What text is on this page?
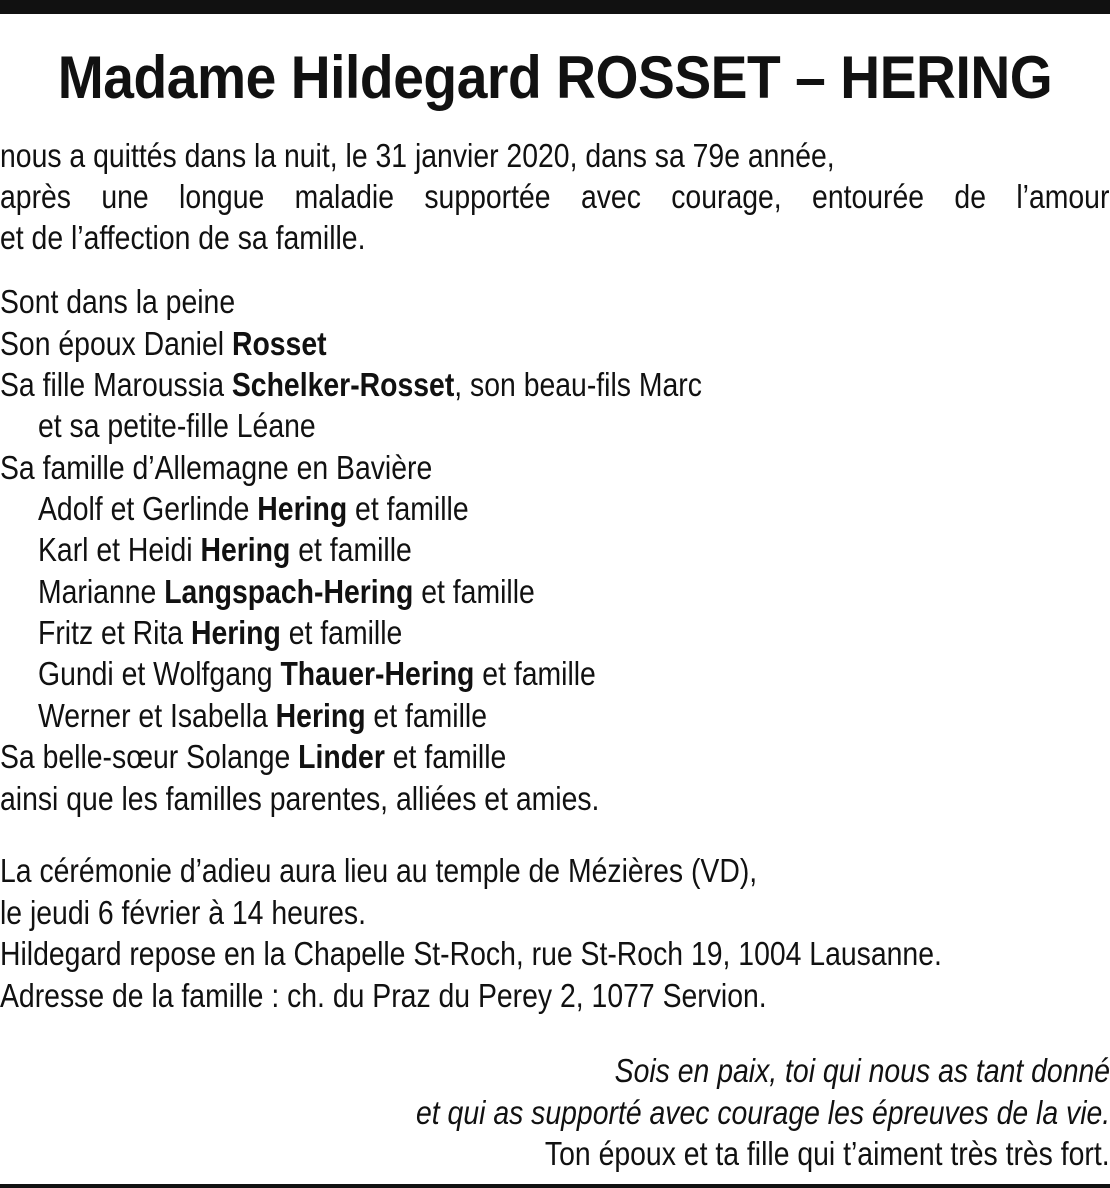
Madame Hildegard ROSSET – HERING
nous a quittés dans la nuit, le 31 janvier 2020, dans sa 79e année,
après une longue maladie supportée avec courage, entourée de l’amour
et de l’affection de sa famille.
Sont dans la peine
Son époux Daniel Rosset
Sa fille Maroussia Schelker-Rosset, son beau-fils Marc
et sa petite-fille Léane
Sa famille d’Allemagne en Bavière
Adolf et Gerlinde Hering et famille
Karl et Heidi Hering et famille
Marianne Langspach-Hering et famille
Fritz et Rita Hering et famille
Gundi et Wolfgang Thauer-Hering et famille
Werner et Isabella Hering et famille
Sa belle-sœur Solange Linder et famille
ainsi que les familles parentes, alliées et amies.
La cérémonie d’adieu aura lieu au temple de Mézières (VD),
le jeudi 6 février à 14 heures.
Hildegard repose en la Chapelle St-Roch, rue St-Roch 19, 1004 Lausanne.
Adresse de la famille : ch. du Praz du Perey 2, 1077 Servion.
Sois en paix, toi qui nous as tant donné
et qui as supporté avec courage les épreuves de la vie.
Ton époux et ta fille qui t’aiment très très fort.
